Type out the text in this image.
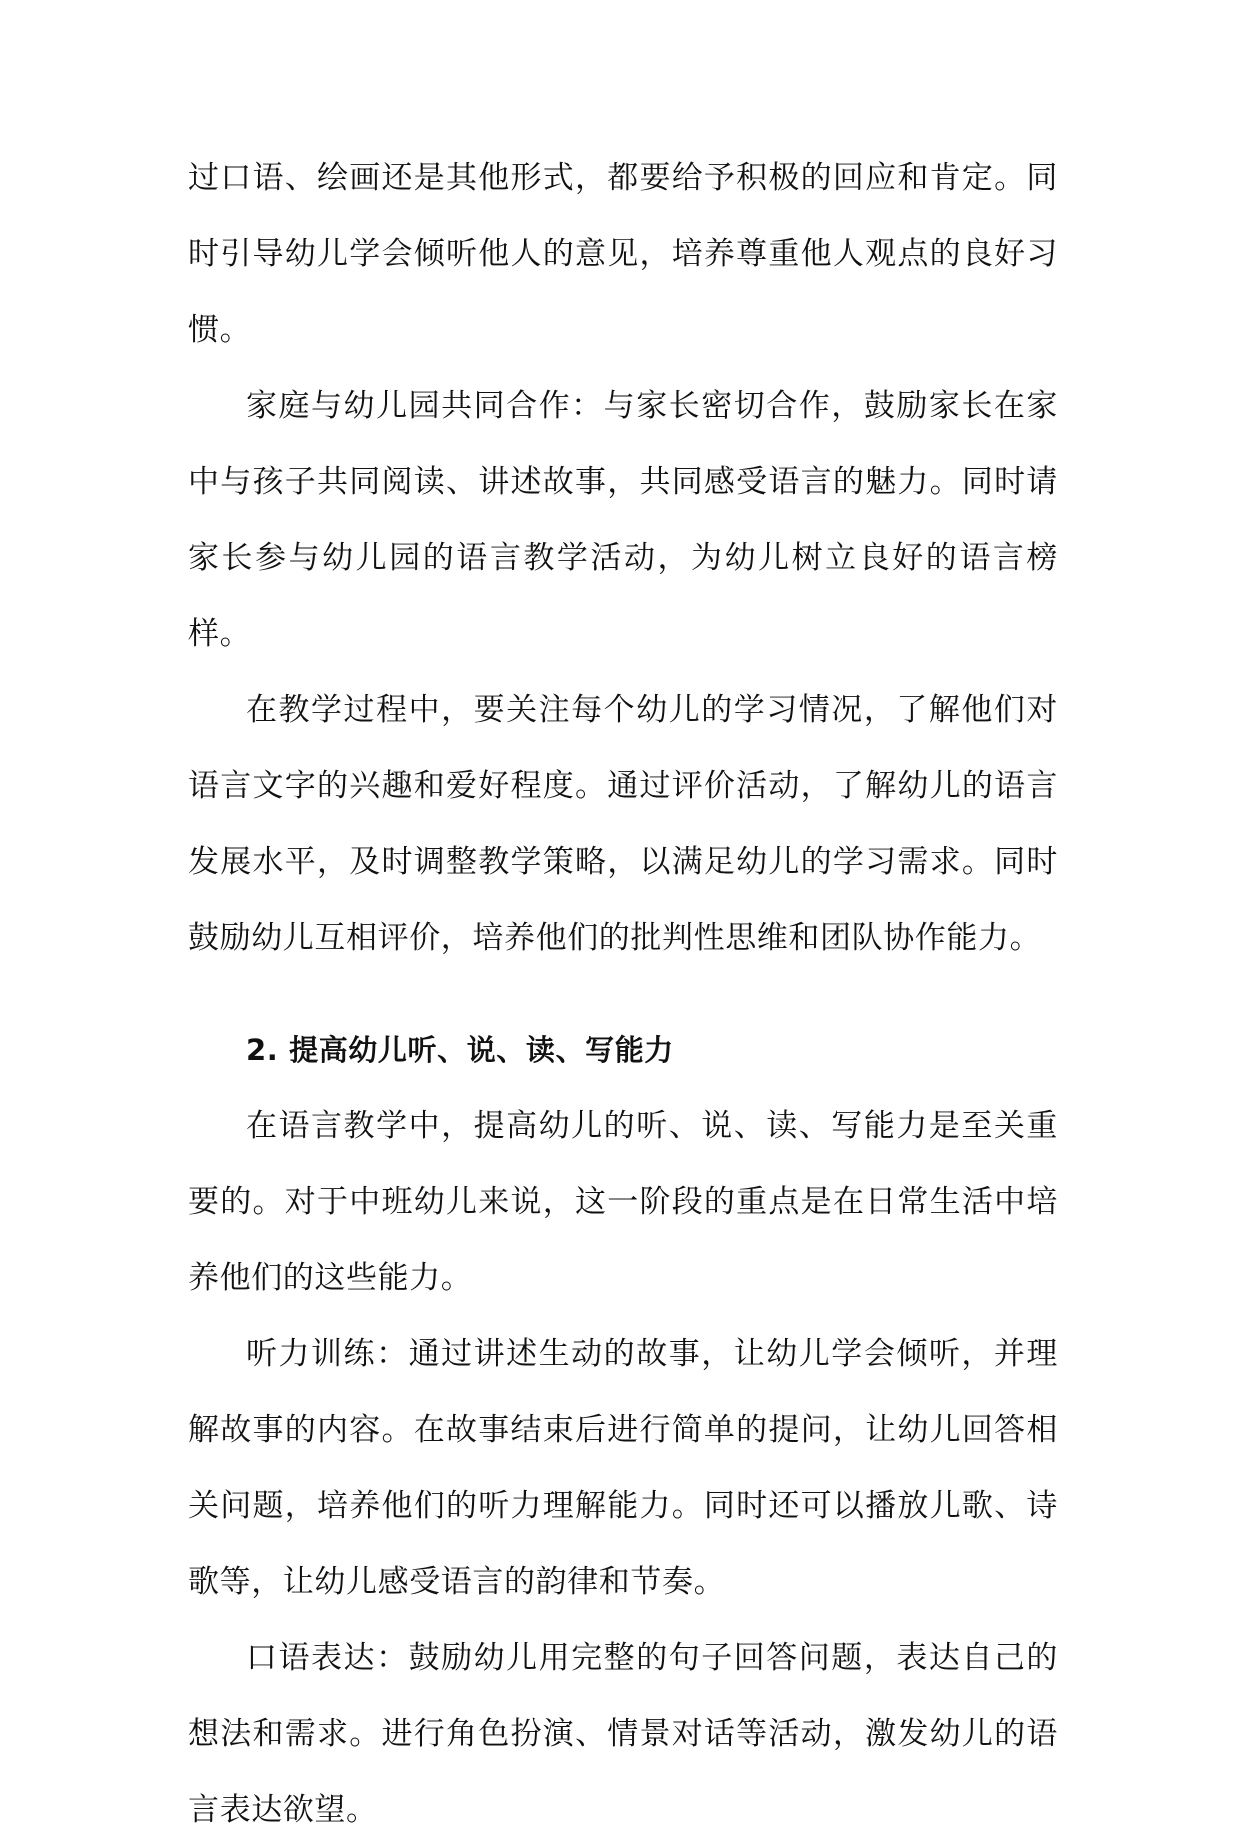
过口语、绘画还是其他形式，都要给予积极的回应和肯定。同时引导幼儿学会倾听他人的意见，培养尊重他人观点的良好习惯。

家庭与幼儿园共同合作：与家长密切合作，鼓励家长在家中与孩子共同阅读、讲述故事，共同感受语言的魅力。同时请家长参与幼儿园的语言教学活动，为幼儿树立良好的语言榜样。

在教学过程中，要关注每个幼儿的学习情况，了解他们对语言文字的兴趣和爱好程度。通过评价活动，了解幼儿的语言发展水平，及时调整教学策略，以满足幼儿的学习需求。同时鼓励幼儿互相评价，培养他们的批判性思维和团队协作能力。

2. 提高幼儿听、说、读、写能力

在语言教学中，提高幼儿的听、说、读、写能力是至关重要的。对于中班幼儿来说，这一阶段的重点是在日常生活中培养他们的这些能力。

听力训练：通过讲述生动的故事，让幼儿学会倾听，并理解故事的内容。在故事结束后进行简单的提问，让幼儿回答相关问题，培养他们的听力理解能力。同时还可以播放儿歌、诗歌等，让幼儿感受语言的韵律和节奏。

口语表达：鼓励幼儿用完整的句子回答问题，表达自己的想法和需求。进行角色扮演、情景对话等活动，激发幼儿的语言表达欲望。
